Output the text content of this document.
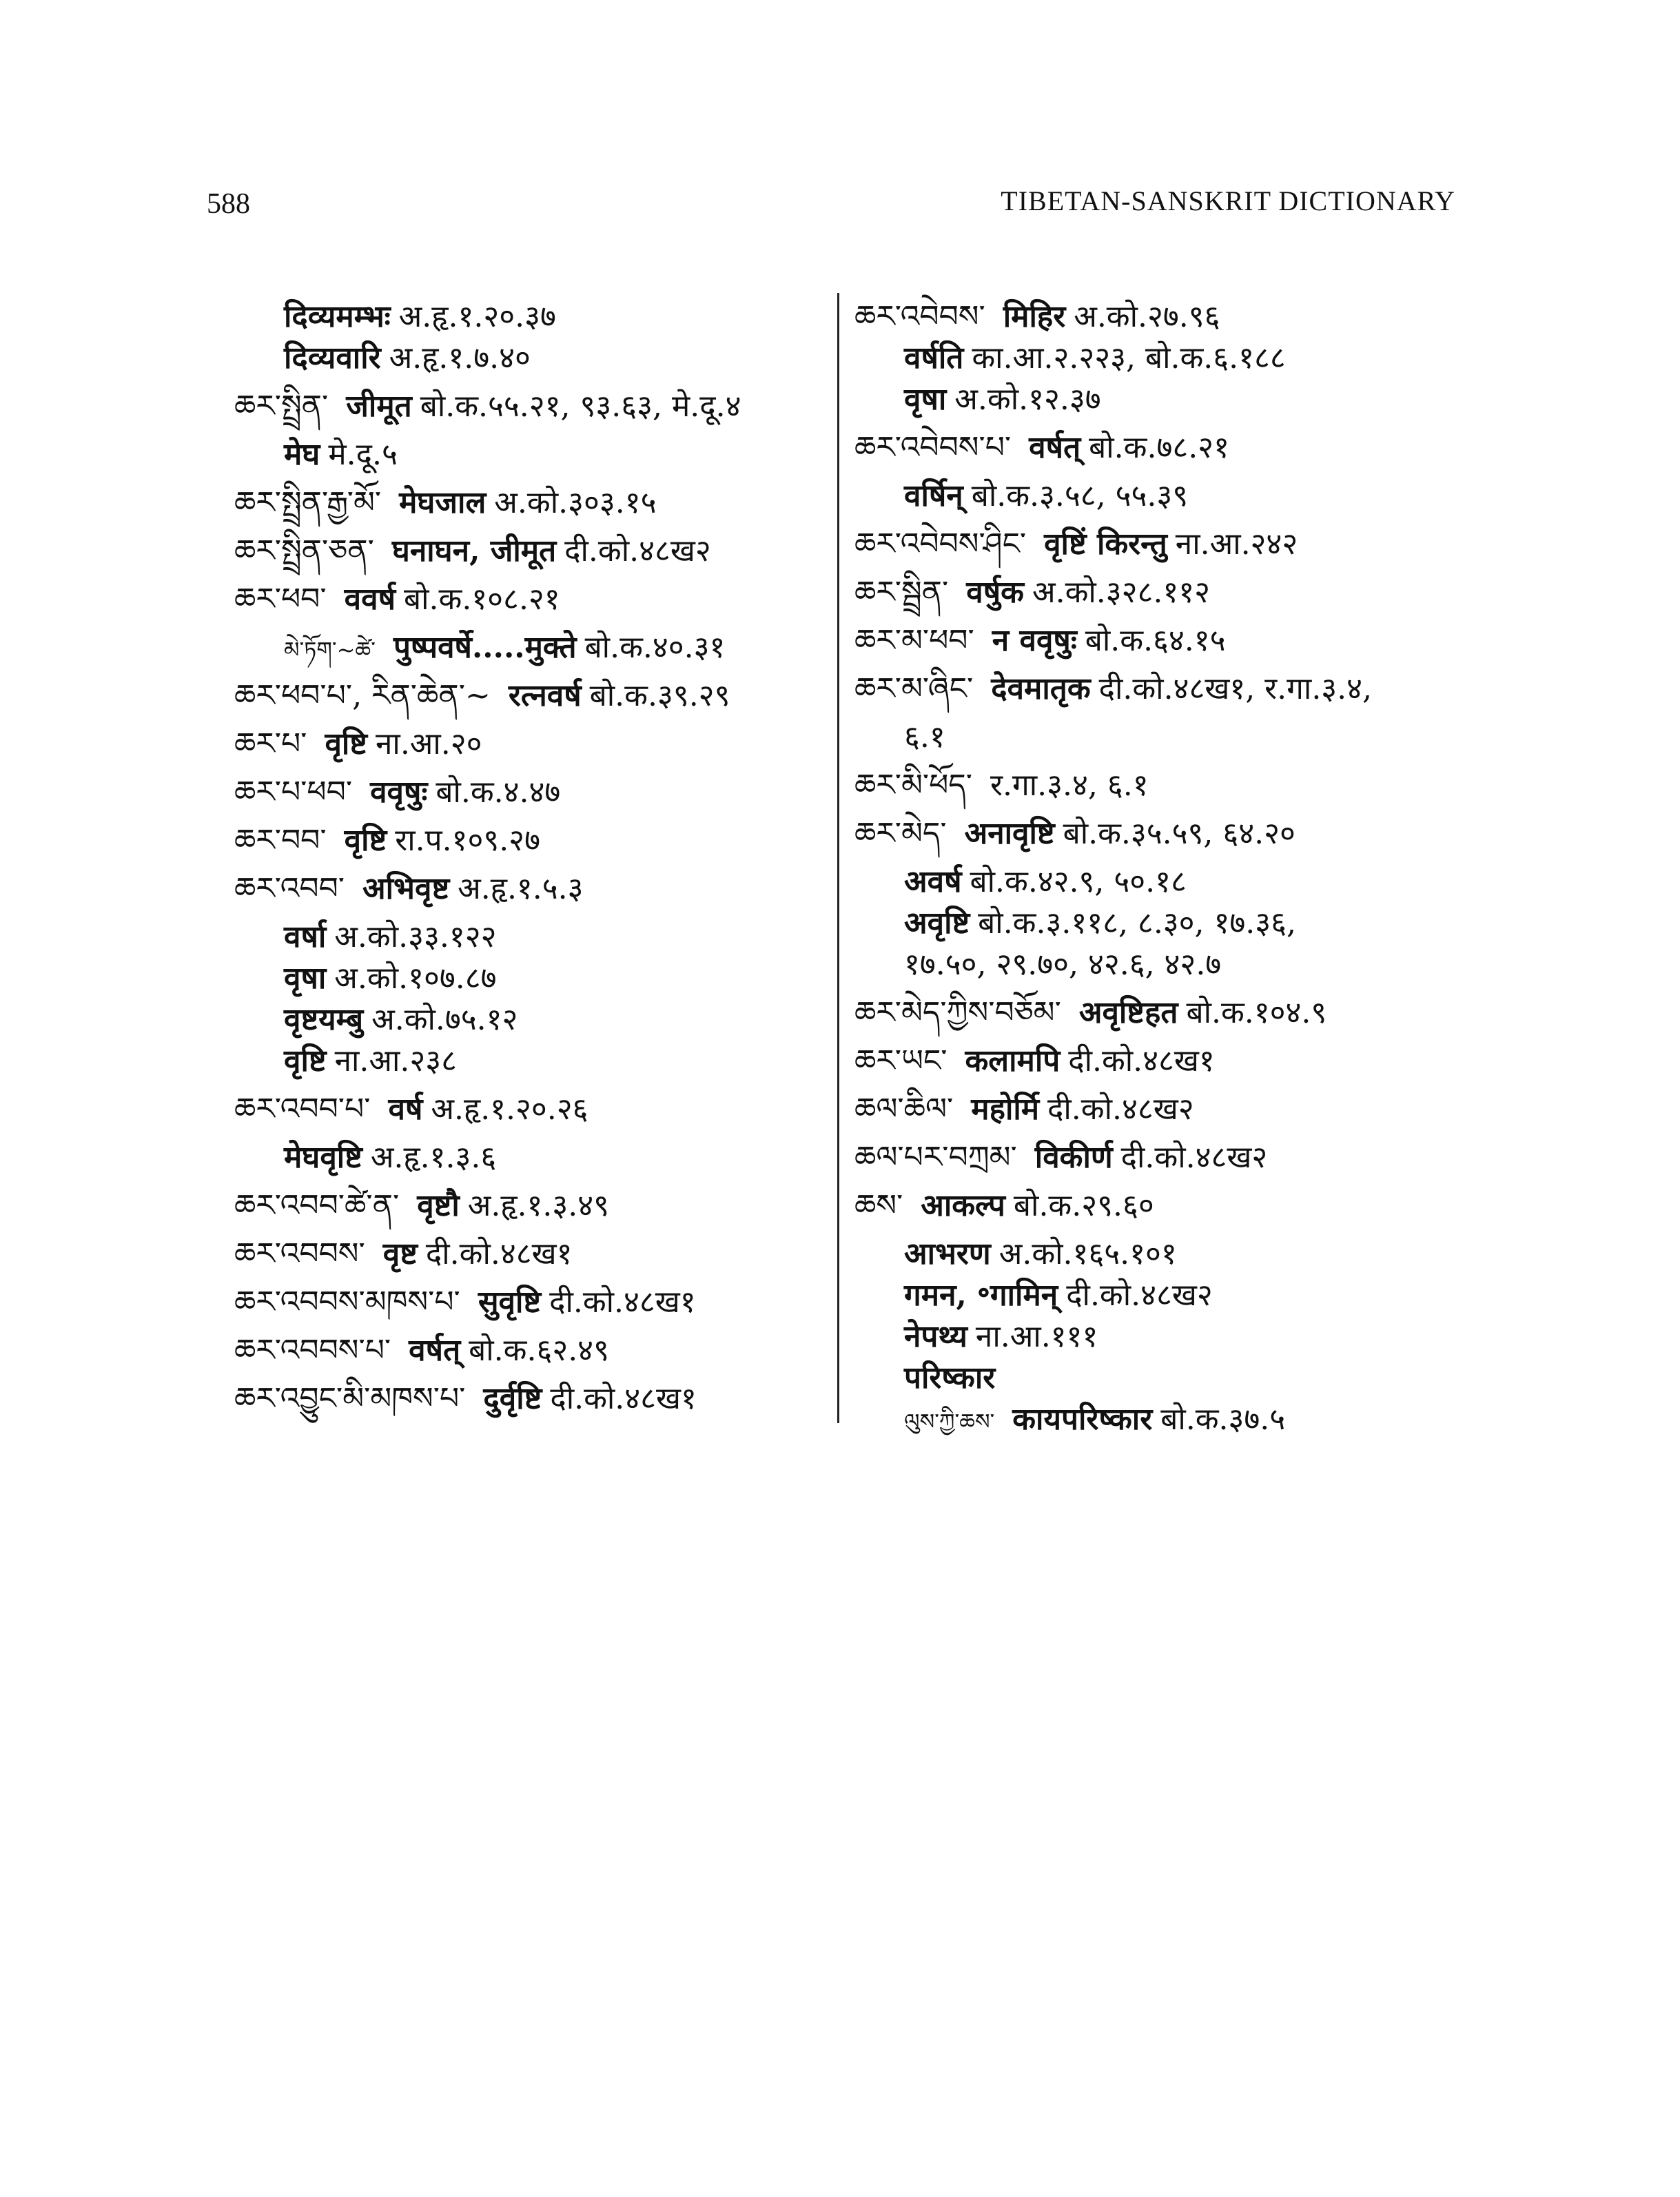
588	TIBETAN-SANSKRIT DICTIONARY
दिव्यमम्भः अ.हृ.१.२०.३७
दिव्यवारि अ.हृ.१.७.४०
ཆར་སྤྲིན་ जीमूत बो.क.५५.२१, ९३.६३, मे.दू.४
मेघ मे.दू.५
ཆར་སྤྲིན་རྒྱ་མོ་ मेघजाल अ.को.३०३.१५
ཆར་སྤྲིན་ཅན་ घनाघन, जीमूत दी.को.४८ख२
ཆར་ཕབ་ ववर्ष बो.क.१०८.२१
མེ་ཏོག་~ཚེ་ पुष्पवर्षे.....मुक्ते बो.क.४०.३१
ཆར་ཕབ་པ་, རིན་ཆེན་~ रत्नवर्ष बो.क.३९.२९
ཆར་པ་ वृष्टि ना.आ.२०
ཆར་པ་ཕབ་ ववृषुः बो.क.४.४७
ཆར་བབ་ वृष्टि रा.प.१०९.२७
ཆར་འབབ་ अभिवृष्ट अ.हृ.१.५.३
वर्षा अ.को.३३.१२२
वृषा अ.को.१०७.८७
वृष्टयम्बु अ.को.७५.१२
वृष्टि ना.आ.२३८
ཆར་འབབ་པ་ वर्ष अ.हृ.१.२०.२६
मेघवृष्टि अ.हृ.१.३.६
ཆར་འབབ་ཚེ་ན་ वृष्टौ अ.हृ.१.३.४९
ཆར་འབབས་ वृष्ट दी.को.४८ख१
ཆར་འབབས་མཁས་པ་ सुवृष्टि दी.को.४८ख१
ཆར་འབབས་པ་ वर्षत् बो.क.६२.४९
ཆར་འབྱུང་མི་མཁས་པ་ दुर्वृष्टि दी.को.४८ख१
ཆར་འབེབས་ मिहिर अ.को.२७.९६
वर्षति का.आ.२.२२३, बो.क.६.१८८
वृषा अ.को.१२.३७
ཆར་འབེབས་པ་ वर्षत् बो.क.७८.२१
वर्षिन् बो.क.३.५८, ५५.३९
ཆར་འབེབས་ཤིང་ वृष्टिं किरन्तु ना.आ.२४२
ཆར་སྦྲིན་ वर्षुक अ.को.३२८.११२
ཆར་མ་ཕབ་ न ववृषुः बो.क.६४.१५
ཆར་མ་ཞིང་ देवमातृक दी.को.४८ख१, र.गा.३.४,
६.१
ཆར་མི་ཕོད་ र.गा.३.४, ६.१
ཆར་མེད་ अनावृष्टि बो.क.३५.५९, ६४.२०
अवर्ष बो.क.४२.९, ५०.१८
अवृष्टि बो.क.३.११८, ८.३०, १७.३६,
१७.५०, २९.७०, ४२.६, ४२.७
ཆར་མེད་ཀྱིས་བཅོམ་ अवृष्टिहत बो.क.१०४.९
ཆར་ཡང་ कलामपि दी.को.४८ख१
ཆལ་ཆིལ་ महोर्मि दी.को.४८ख२
ཆལ་པར་བཀྲམ་ विकीर्ण दी.को.४८ख२
ཆས་ आकल्प बो.क.२९.६०
आभरण अ.को.१६५.१०१
गमन, ॰गामिन् दी.को.४८ख२
नेपथ्य ना.आ.१११
परिष्कार
ལུས་ཀྱི་ཆས་ कायपरिष्कार बो.क.३७.५
